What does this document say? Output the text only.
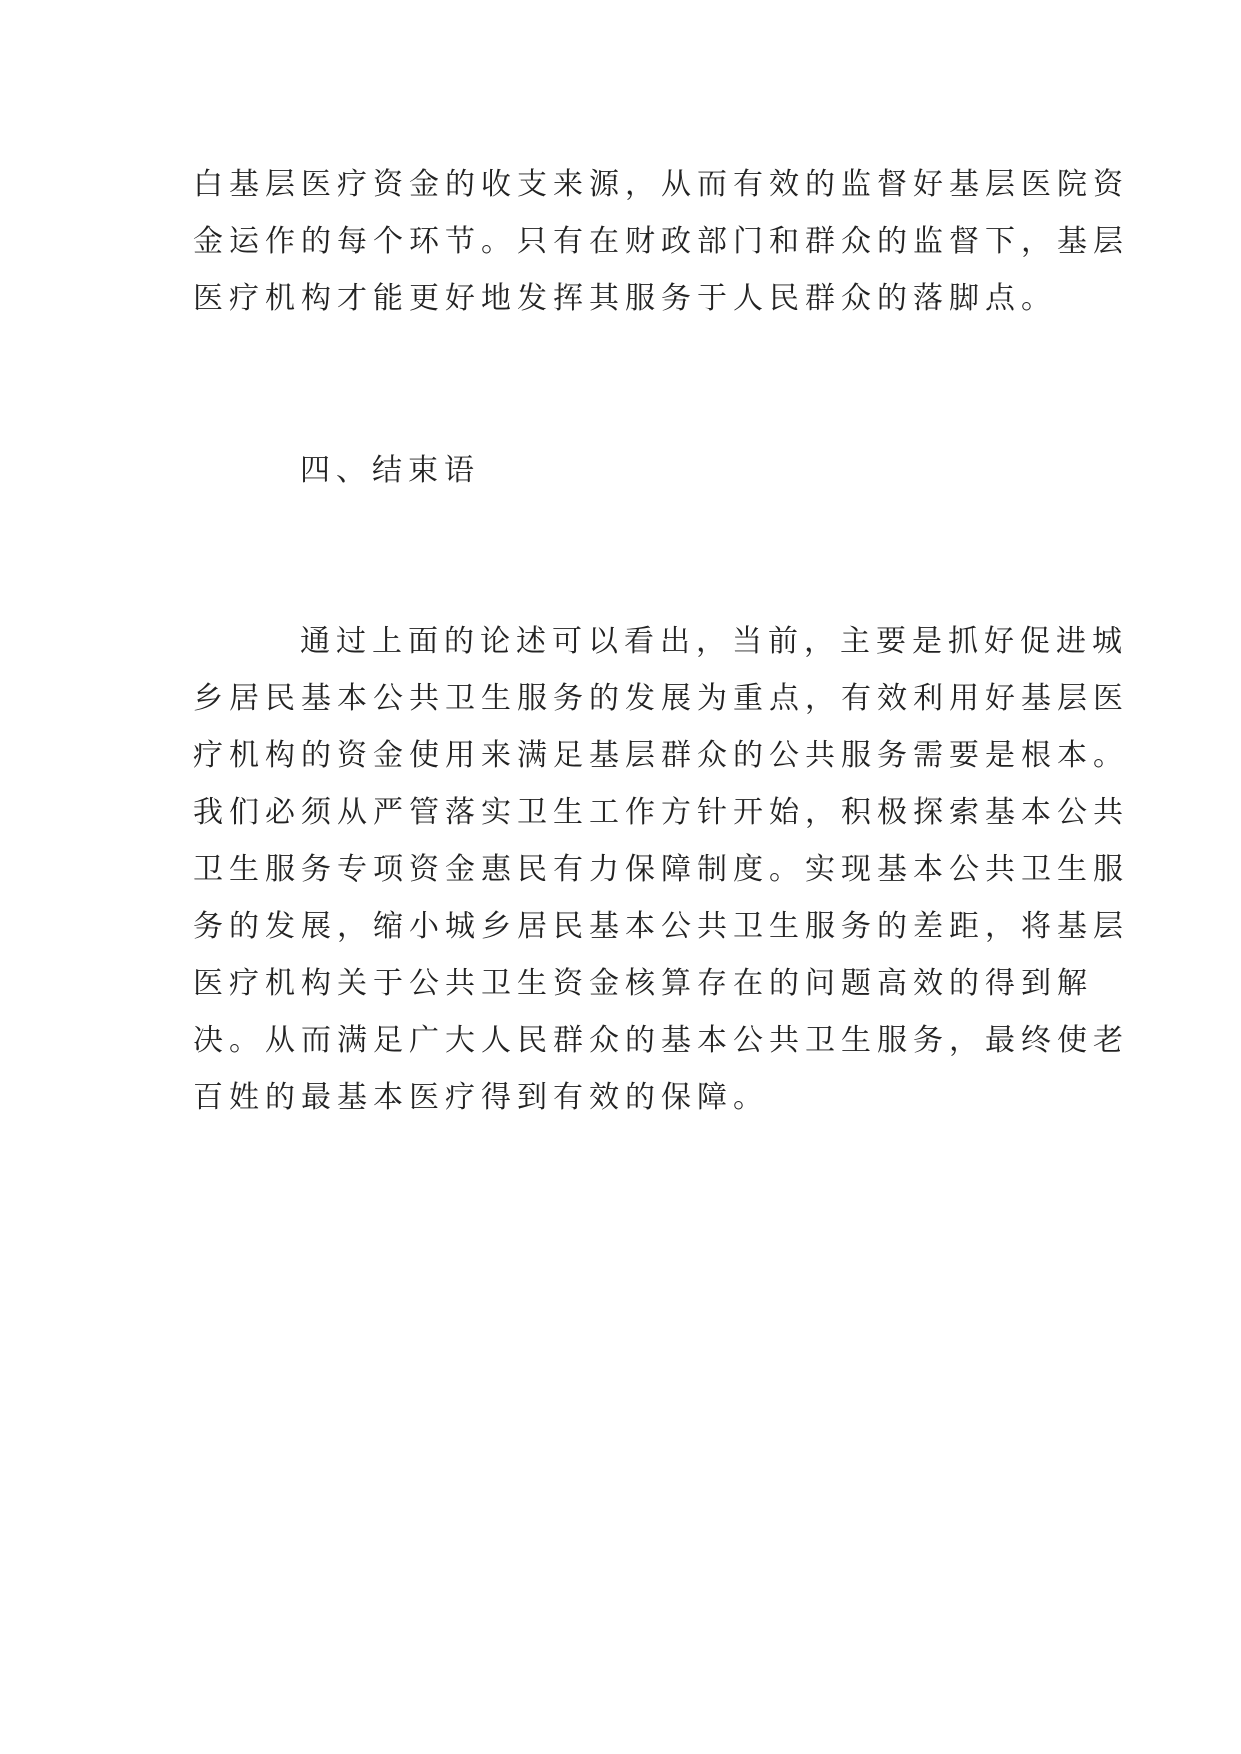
白基层医疗资金的收支来源，从而有效的监督好基层医院资
金运作的每个环节。只有在财政部门和群众的监督下，基层
医疗机构才能更好地发挥其服务于人民群众的落脚点。
四、结束语
通过上面的论述可以看出，当前，主要是抓好促进城
乡居民基本公共卫生服务的发展为重点，有效利用好基层医
疗机构的资金使用来满足基层群众的公共服务需要是根本。
我们必须从严管落实卫生工作方针开始，积极探索基本公共
卫生服务专项资金惠民有力保障制度。实现基本公共卫生服
务的发展，缩小城乡居民基本公共卫生服务的差距，将基层
医疗机构关于公共卫生资金核算存在的问题高效的得到解
决。从而满足广大人民群众的基本公共卫生服务，最终使老
百姓的最基本医疗得到有效的保障。
